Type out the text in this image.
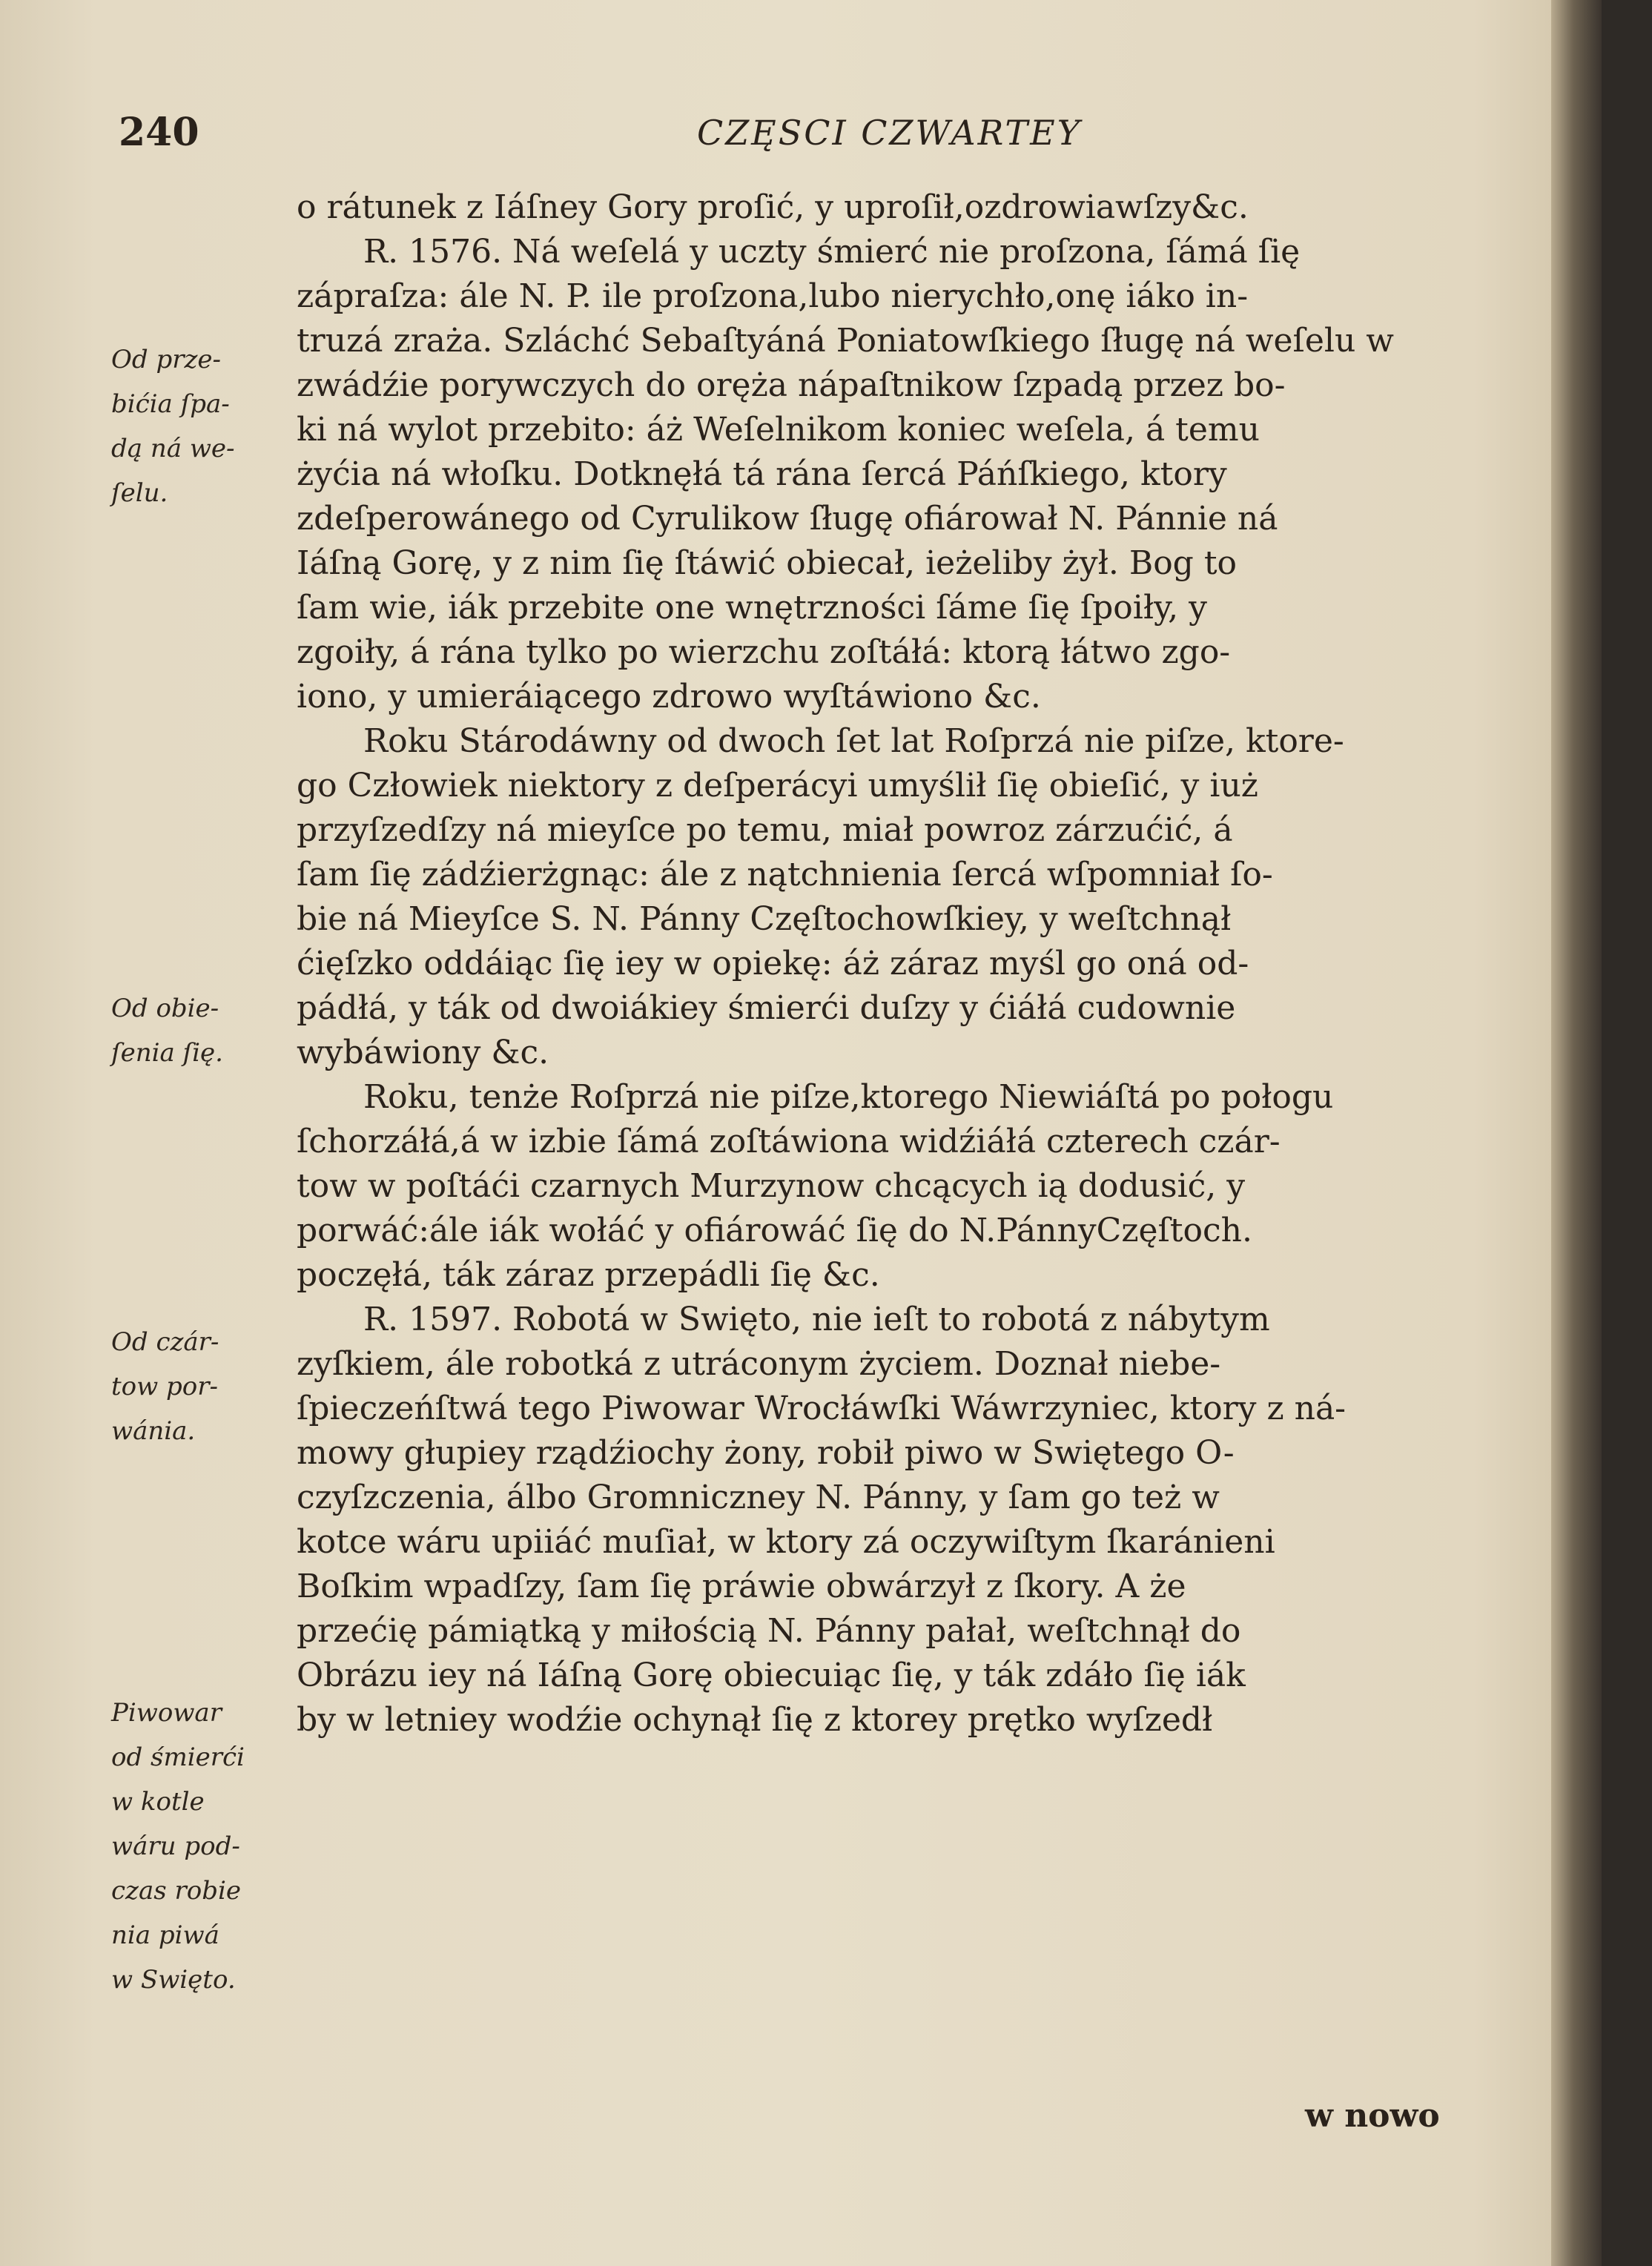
240	CZĘSCI CZWARTEY
Od prze-
bićia ſpa-
dą ná we-
ſelu.
Od obie-
ſenia ſię.
Od czár-
tow por-
wánia.
Piwowar
od śmierći
w kotle
wáru pod-
czas robie
nia piwá
w Swięto.
o rátunek z Iáſney Gory proſić, y uproſił,ozdrowiawſzy&c.
R. 1576. Ná weſelá y uczty śmierć nie proſzona, ſámá ſię
zápraſza: ále N. P. ile proſzona,lubo nierychło,onę iáko in-
truzá zraża. Szláchć Sebaſtyáná Poniatowſkiego ſługę ná weſelu w
zwádźie porywczych do oręża nápaſtnikow ſzpadą przez bo-
ki ná wylot przebito: áż Weſelnikom koniec weſela, á temu
żyćia ná włoſku. Dotknęłá tá rána ſercá Páńſkiego, ktory
zdeſperowánego od Cyrulikow ſługę ofiárował N. Pánnie ná
Iáſną Gorę, y z nim ſię ſtáwić obiecał, ieżeliby żył. Bog to
ſam wie, iák przebite one wnętrzności ſáme ſię ſpoiły, y
zgoiły, á rána tylko po wierzchu zoſtáłá: ktorą łátwo zgo-
iono, y umieráiącego zdrowo wyſtáwiono &c.
Roku Stárodáwny od dwoch ſet lat Roſprzá nie piſze, ktore-
go Człowiek niektory z deſperácyi umyślił ſię obieſić, y iuż
przyſzedſzy ná mieyſce po temu, miał powroz zárzućić, á
ſam ſię zádźierżgnąc: ále z nątchnienia ſercá wſpomniał ſo-
bie ná Mieyſce S. N. Pánny Częſtochowſkiey, y weſtchnął
ćięſzko oddáiąc ſię iey w opiekę: áż záraz myśl go oná od-
pádłá, y ták od dwoiákiey śmierći duſzy y ćiáłá cudownie
wybáwiony &c.
Roku, tenże Roſprzá nie piſze,ktorego Niewiáſtá po połogu
ſchorzáłá,á w izbie ſámá zoſtáwiona widźiáłá czterech czár-
tow w poſtáći czarnych Murzynow chcących ią dodusić, y
porwáć:ále iák wołáć y ofiárowáć ſię do N.PánnyCzęſtoch.
poczęłá, ták záraz przepádli ſię &c.
R. 1597. Robotá w Swięto, nie ieſt to robotá z nábytym
zyſkiem, ále robotká z utráconym życiem. Doznał niebe-
ſpieczeńſtwá tego Piwowar Wrocłáwſki Wáwrzyniec, ktory z ná-
mowy głupiey rządźiochy żony, robił piwo w Swiętego O-
czyſzczenia, álbo Gromniczney N. Pánny, y ſam go też w
kotce wáru upiiáć muſiał, w ktory zá oczywiſtym ſkaránieni
Boſkim wpadſzy, ſam ſię práwie obwárzył z ſkory. A że
przećię pámiątką y miłością N. Pánny pałał, weſtchnął do
Obrázu iey ná Iáſną Gorę obiecuiąc ſię, y ták zdáło ſię iák
by w letniey wodźie ochynął ſię z ktorey prętko wyſzedł
w nowo
